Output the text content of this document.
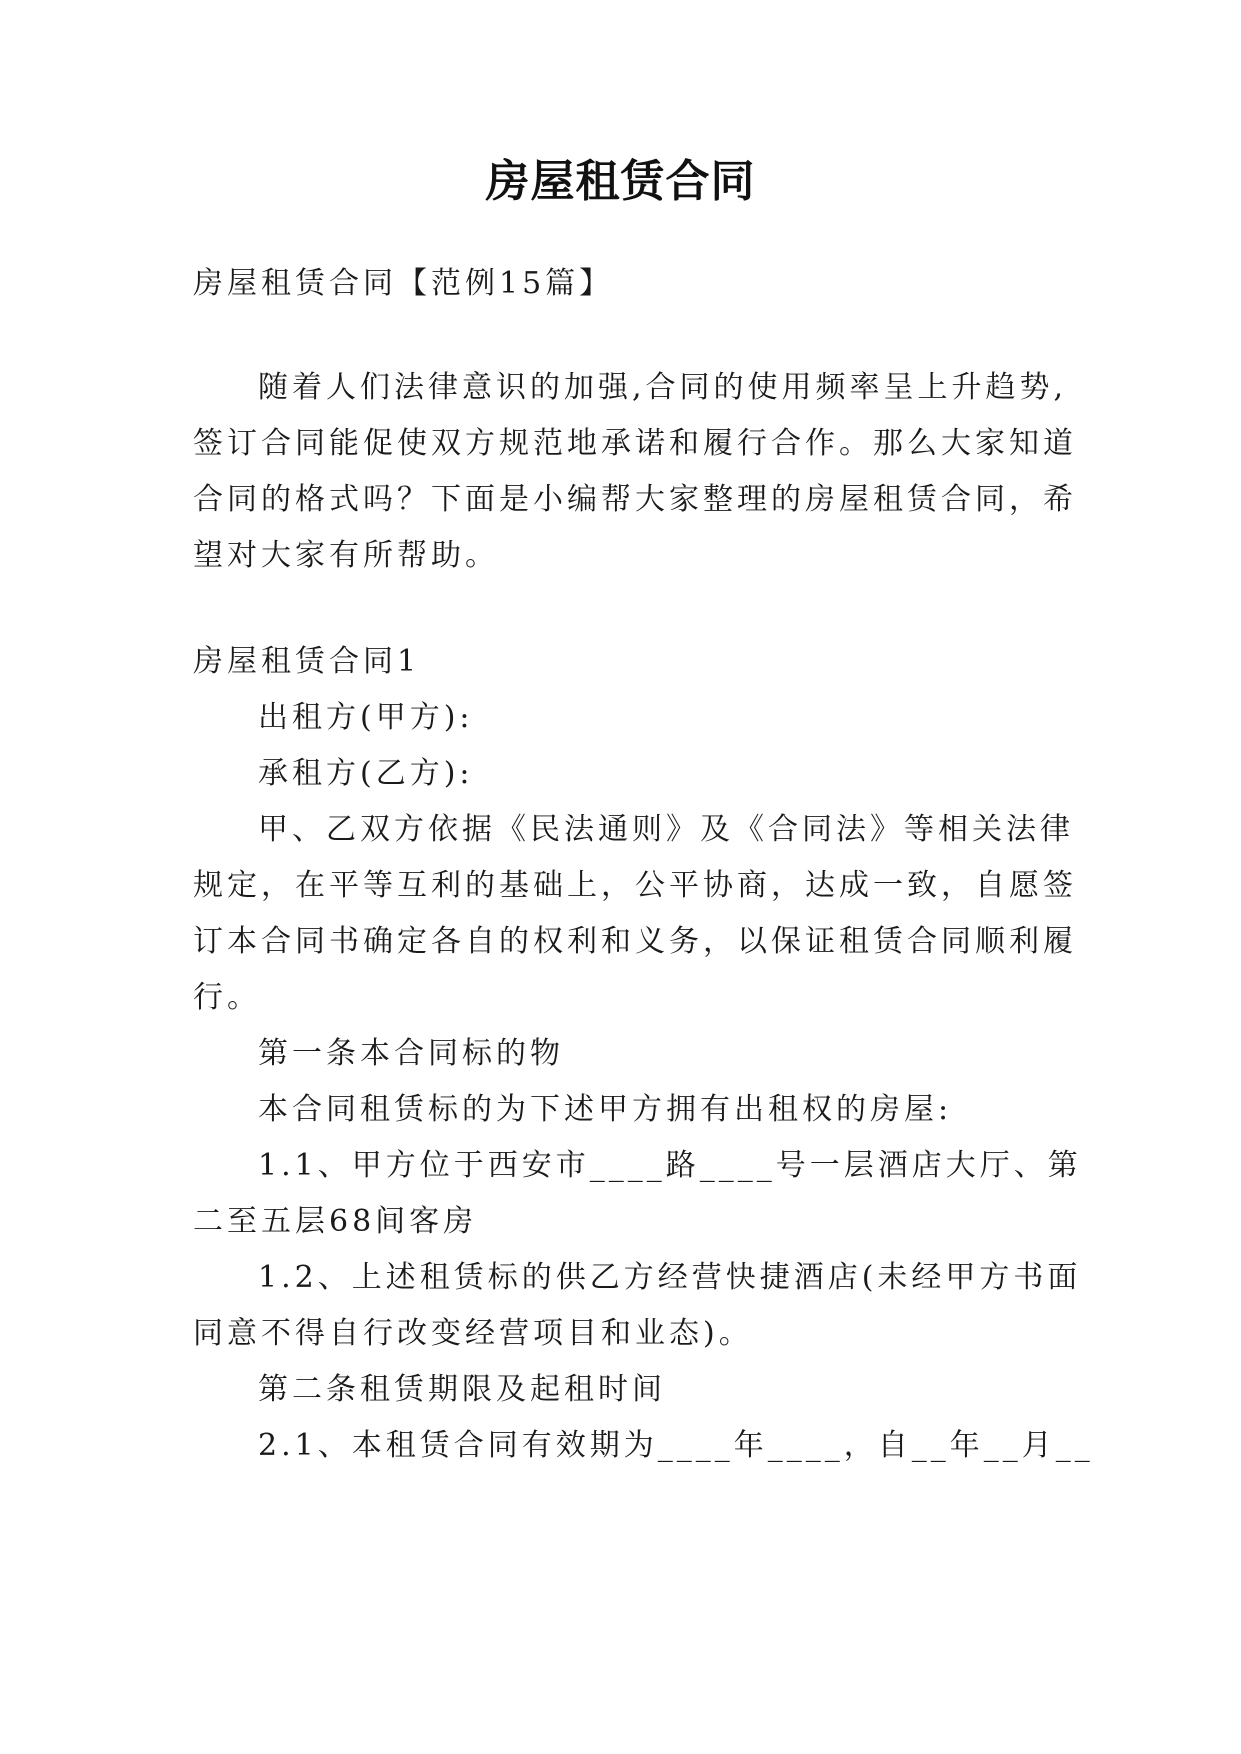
房屋租赁合同
房屋租赁合同【范例15篇】
随着人们法律意识的加强,合同的使用频率呈上升趋势,
签订合同能促使双方规范地承诺和履行合作。那么大家知道
合同的格式吗？下面是小编帮大家整理的房屋租赁合同，希
望对大家有所帮助。
房屋租赁合同1
出租方(甲方):
承租方(乙方):
甲、乙双方依据《民法通则》及《合同法》等相关法律
规定，在平等互利的基础上，公平协商，达成一致，自愿签
订本合同书确定各自的权利和义务，以保证租赁合同顺利履
行。
第一条本合同标的物
本合同租赁标的为下述甲方拥有出租权的房屋:
1.1、甲方位于西安市____路____号一层酒店大厅、第
二至五层68间客房
1.2、上述租赁标的供乙方经营快捷酒店(未经甲方书面
同意不得自行改变经营项目和业态)。
第二条租赁期限及起租时间
2.1、本租赁合同有效期为____年____，自__年__月__
